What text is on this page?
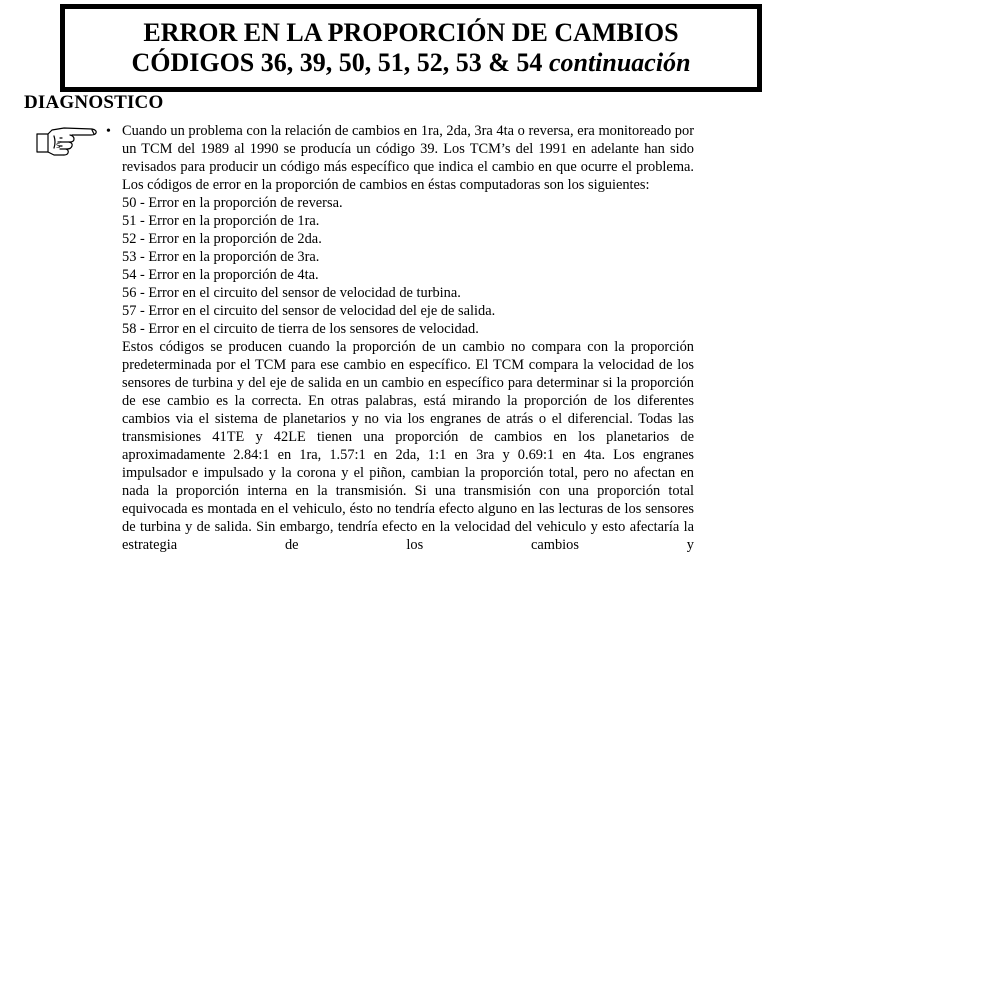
ERROR EN LA PROPORCIÓN DE CAMBIOS
CÓDIGOS 36, 39, 50, 51, 52, 53 & 54 continuación
DIAGNOSTICO
S
• Cuando un problema con la relación de cambios en 1ra, 2da, 3ra 4ta o reversa, era monitoreado por un TCM del 1989 al 1990 se producía un código 39. Los TCM’s del 1991 en adelante han sido revisados para producir un código más específico que indica el cambio en que ocurre el problema. Los códigos de error en la proporción de cambios en éstas computadoras son los siguientes:

50 - Error en la proporción de reversa.
51 - Error en la proporción de 1ra.
52 - Error en la proporción de 2da.
53 - Error en la proporción de 3ra.
54 - Error en la proporción de 4ta.
56 - Error en el circuito del sensor de velocidad de turbina.
57 - Error en el circuito del sensor de velocidad del eje de salida.
58 - Error en el circuito de tierra de los sensores de velocidad.

Estos códigos se producen cuando la proporción de un cambio no compara con la proporción predeterminada por el TCM para ese cambio en específico. El TCM compara la velocidad de los sensores de turbina y del eje de salida en un cambio en específico para determinar si la proporción de ese cambio es la correcta. En otras palabras, está mirando la proporción de los diferentes cambios via el sistema de planetarios y no via los engranes de atrás o el diferencial. Todas las transmisiones 41TE y 42LE tienen una proporción de cambios en los planetarios de aproximadamente 2.84:1 en 1ra, 1.57:1 en 2da, 1:1 en 3ra y 0.69:1 en 4ta. Los engranes impulsador e impulsado y la corona y el piñon, cambian la proporción total, pero no afectan en nada la proporción interna en la transmisión. Si una transmisión con una proporción total equivocada es montada en el vehiculo, ésto no tendría efecto alguno en las lecturas de los sensores de turbina y de salida. Sin embargo, tendría efecto en la velocidad del vehiculo y esto afectaría la estrategia de los cambios y
